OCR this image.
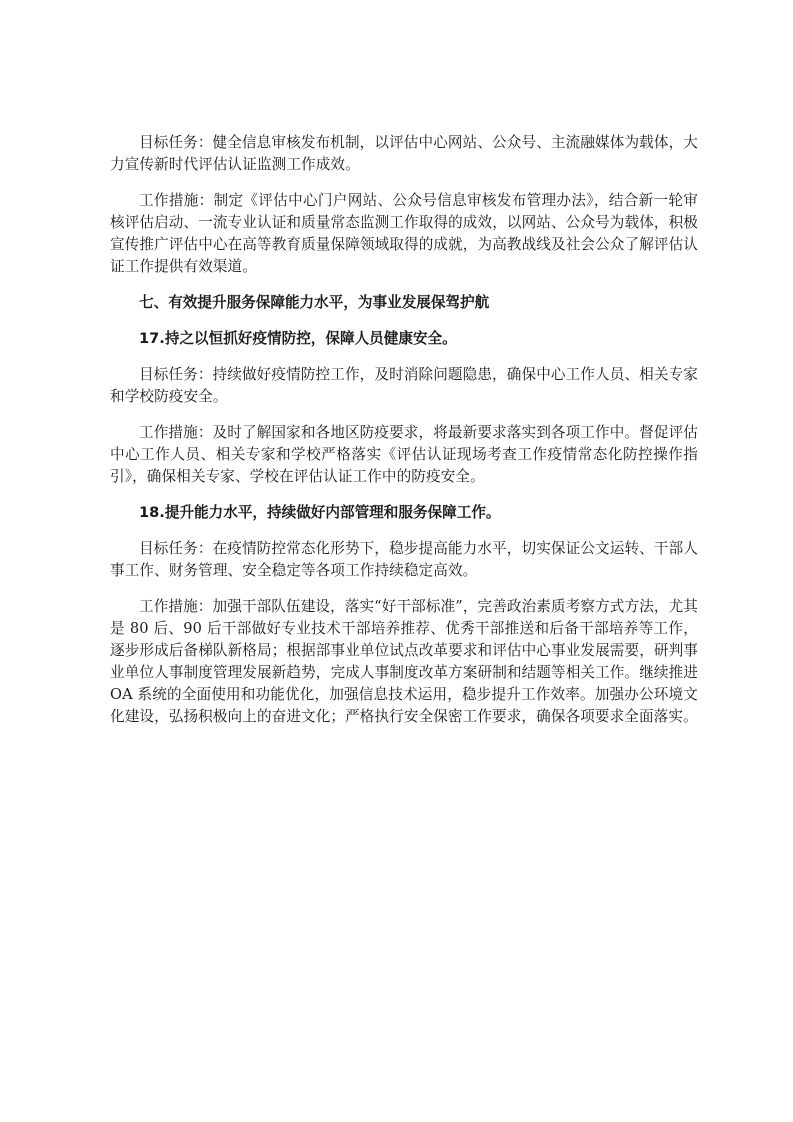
目标任务：健全信息审核发布机制，以评估中心网站、公众号、主流融媒体为载体，大力宣传新时代评估认证监测工作成效。

工作措施：制定《评估中心门户网站、公众号信息审核发布管理办法》，结合新一轮审核评估启动、一流专业认证和质量常态监测工作取得的成效，以网站、公众号为载体，积极宣传推广评估中心在高等教育质量保障领域取得的成就，为高教战线及社会公众了解评估认证工作提供有效渠道。

七、有效提升服务保障能力水平，为事业发展保驾护航

17.持之以恒抓好疫情防控，保障人员健康安全。

目标任务：持续做好疫情防控工作，及时消除问题隐患，确保中心工作人员、相关专家和学校防疫安全。

工作措施：及时了解国家和各地区防疫要求，将最新要求落实到各项工作中。督促评估中心工作人员、相关专家和学校严格落实《评估认证现场考查工作疫情常态化防控操作指引》，确保相关专家、学校在评估认证工作中的防疫安全。

18.提升能力水平，持续做好内部管理和服务保障工作。

目标任务：在疫情防控常态化形势下，稳步提高能力水平，切实保证公文运转、干部人事工作、财务管理、安全稳定等各项工作持续稳定高效。

工作措施：加强干部队伍建设，落实“好干部标准”，完善政治素质考察方式方法，尤其是 80 后、90 后干部做好专业技术干部培养推荐、优秀干部推送和后备干部培养等工作，逐步形成后备梯队新格局；根据部事业单位试点改革要求和评估中心事业发展需要，研判事业单位人事制度管理发展新趋势，完成人事制度改革方案研制和结题等相关工作。继续推进 OA 系统的全面使用和功能优化，加强信息技术运用，稳步提升工作效率。加强办公环境文化建设，弘扬积极向上的奋进文化；严格执行安全保密工作要求，确保各项要求全面落实。
